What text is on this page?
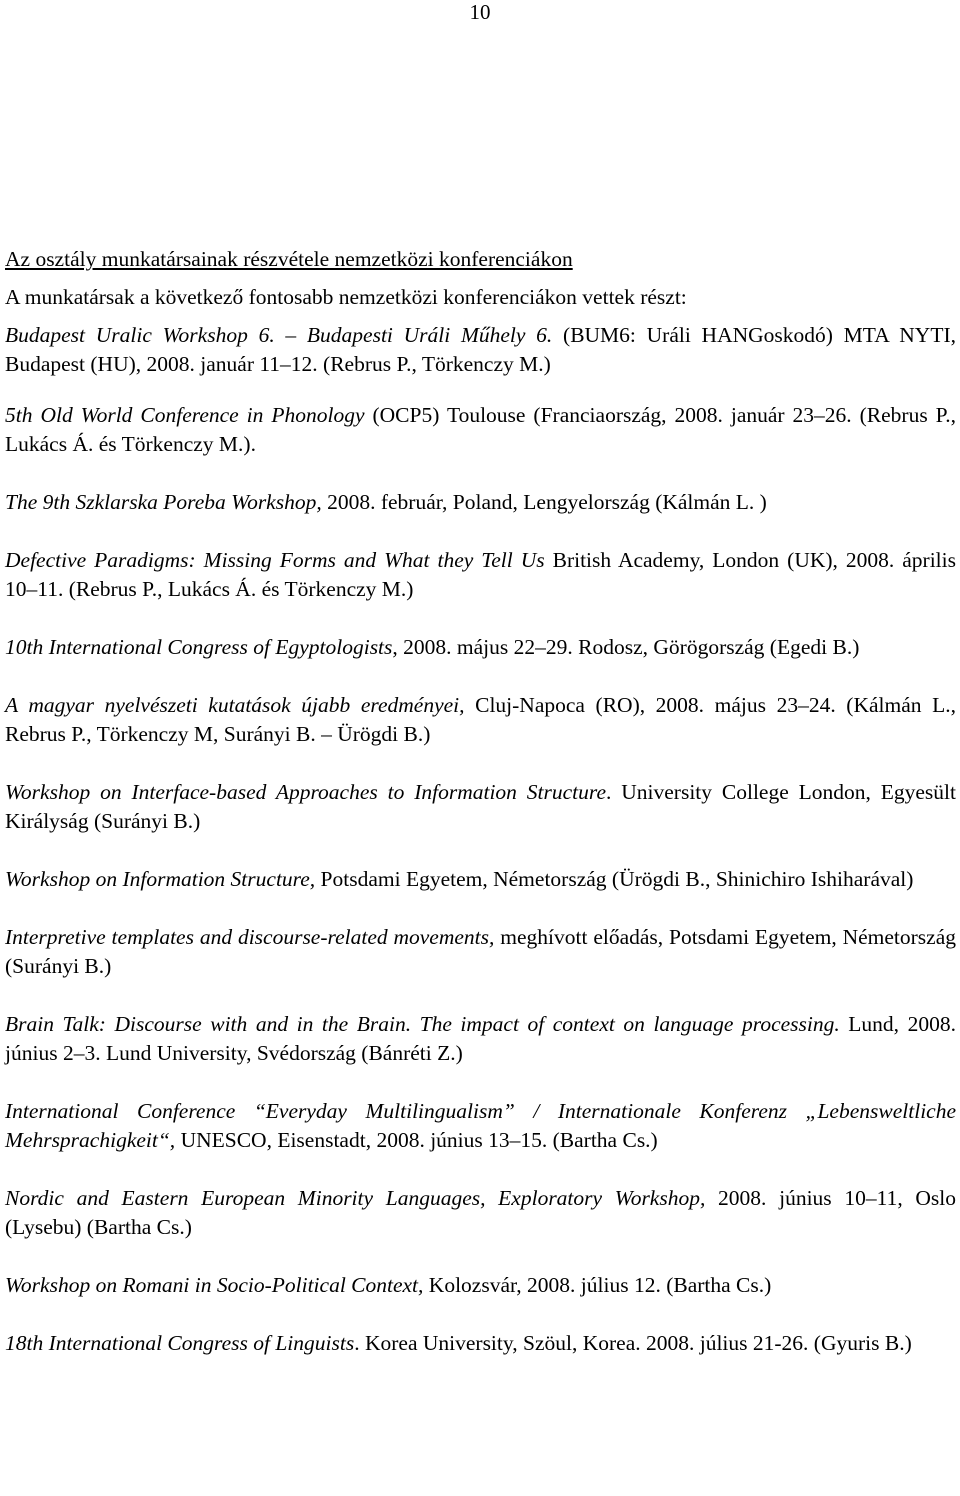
10

Az osztály munkatársainak részvétele nemzetközi konferenciákon

A munkatársak a következő fontosabb nemzetközi konferenciákon vettek részt:

Budapest Uralic Workshop 6. – Budapesti Uráli Műhely 6. (BUM6: Uráli HANGoskodó) MTA NYTI, Budapest (HU), 2008. január 11–12. (Rebrus P., Törkenczy M.)

5th Old World Conference in Phonology (OCP5) Toulouse (Franciaország, 2008. január 23–26. (Rebrus P., Lukács Á. és Törkenczy M.).

The 9th Szklarska Poreba Workshop, 2008. február, Poland, Lengyelország (Kálmán L. )

Defective Paradigms: Missing Forms and What they Tell Us British Academy, London (UK), 2008. április 10–11. (Rebrus P., Lukács Á. és Törkenczy M.)

10th International Congress of Egyptologists, 2008. május 22–29. Rodosz, Görögország (Egedi B.)

A magyar nyelvészeti kutatások újabb eredményei, Cluj-Napoca (RO), 2008. május 23–24. (Kálmán L., Rebrus P., Törkenczy M, Surányi B. – Ürögdi B.)

Workshop on Interface-based Approaches to Information Structure. University College London, Egyesült Királyság (Surányi B.)

Workshop on Information Structure, Potsdami Egyetem, Németország (Ürögdi B., Shinichiro Ishiharával)

Interpretive templates and discourse-related movements, meghívott előadás, Potsdami Egyetem, Németország (Surányi B.)

Brain Talk: Discourse with and in the Brain. The impact of context on language processing. Lund, 2008. június 2–3. Lund University, Svédország (Bánréti Z.)

International Conference “Everyday Multilingualism” / Internationale Konferenz „Lebensweltliche Mehrsprachigkeit“, UNESCO, Eisenstadt, 2008. június 13–15. (Bartha Cs.)

Nordic and Eastern European Minority Languages, Exploratory Workshop, 2008. június 10–11, Oslo (Lysebu) (Bartha Cs.)

Workshop on Romani in Socio-Political Context, Kolozsvár, 2008. július 12. (Bartha Cs.)

18th International Congress of Linguists. Korea University, Szöul, Korea. 2008. július 21-26. (Gyuris B.)
